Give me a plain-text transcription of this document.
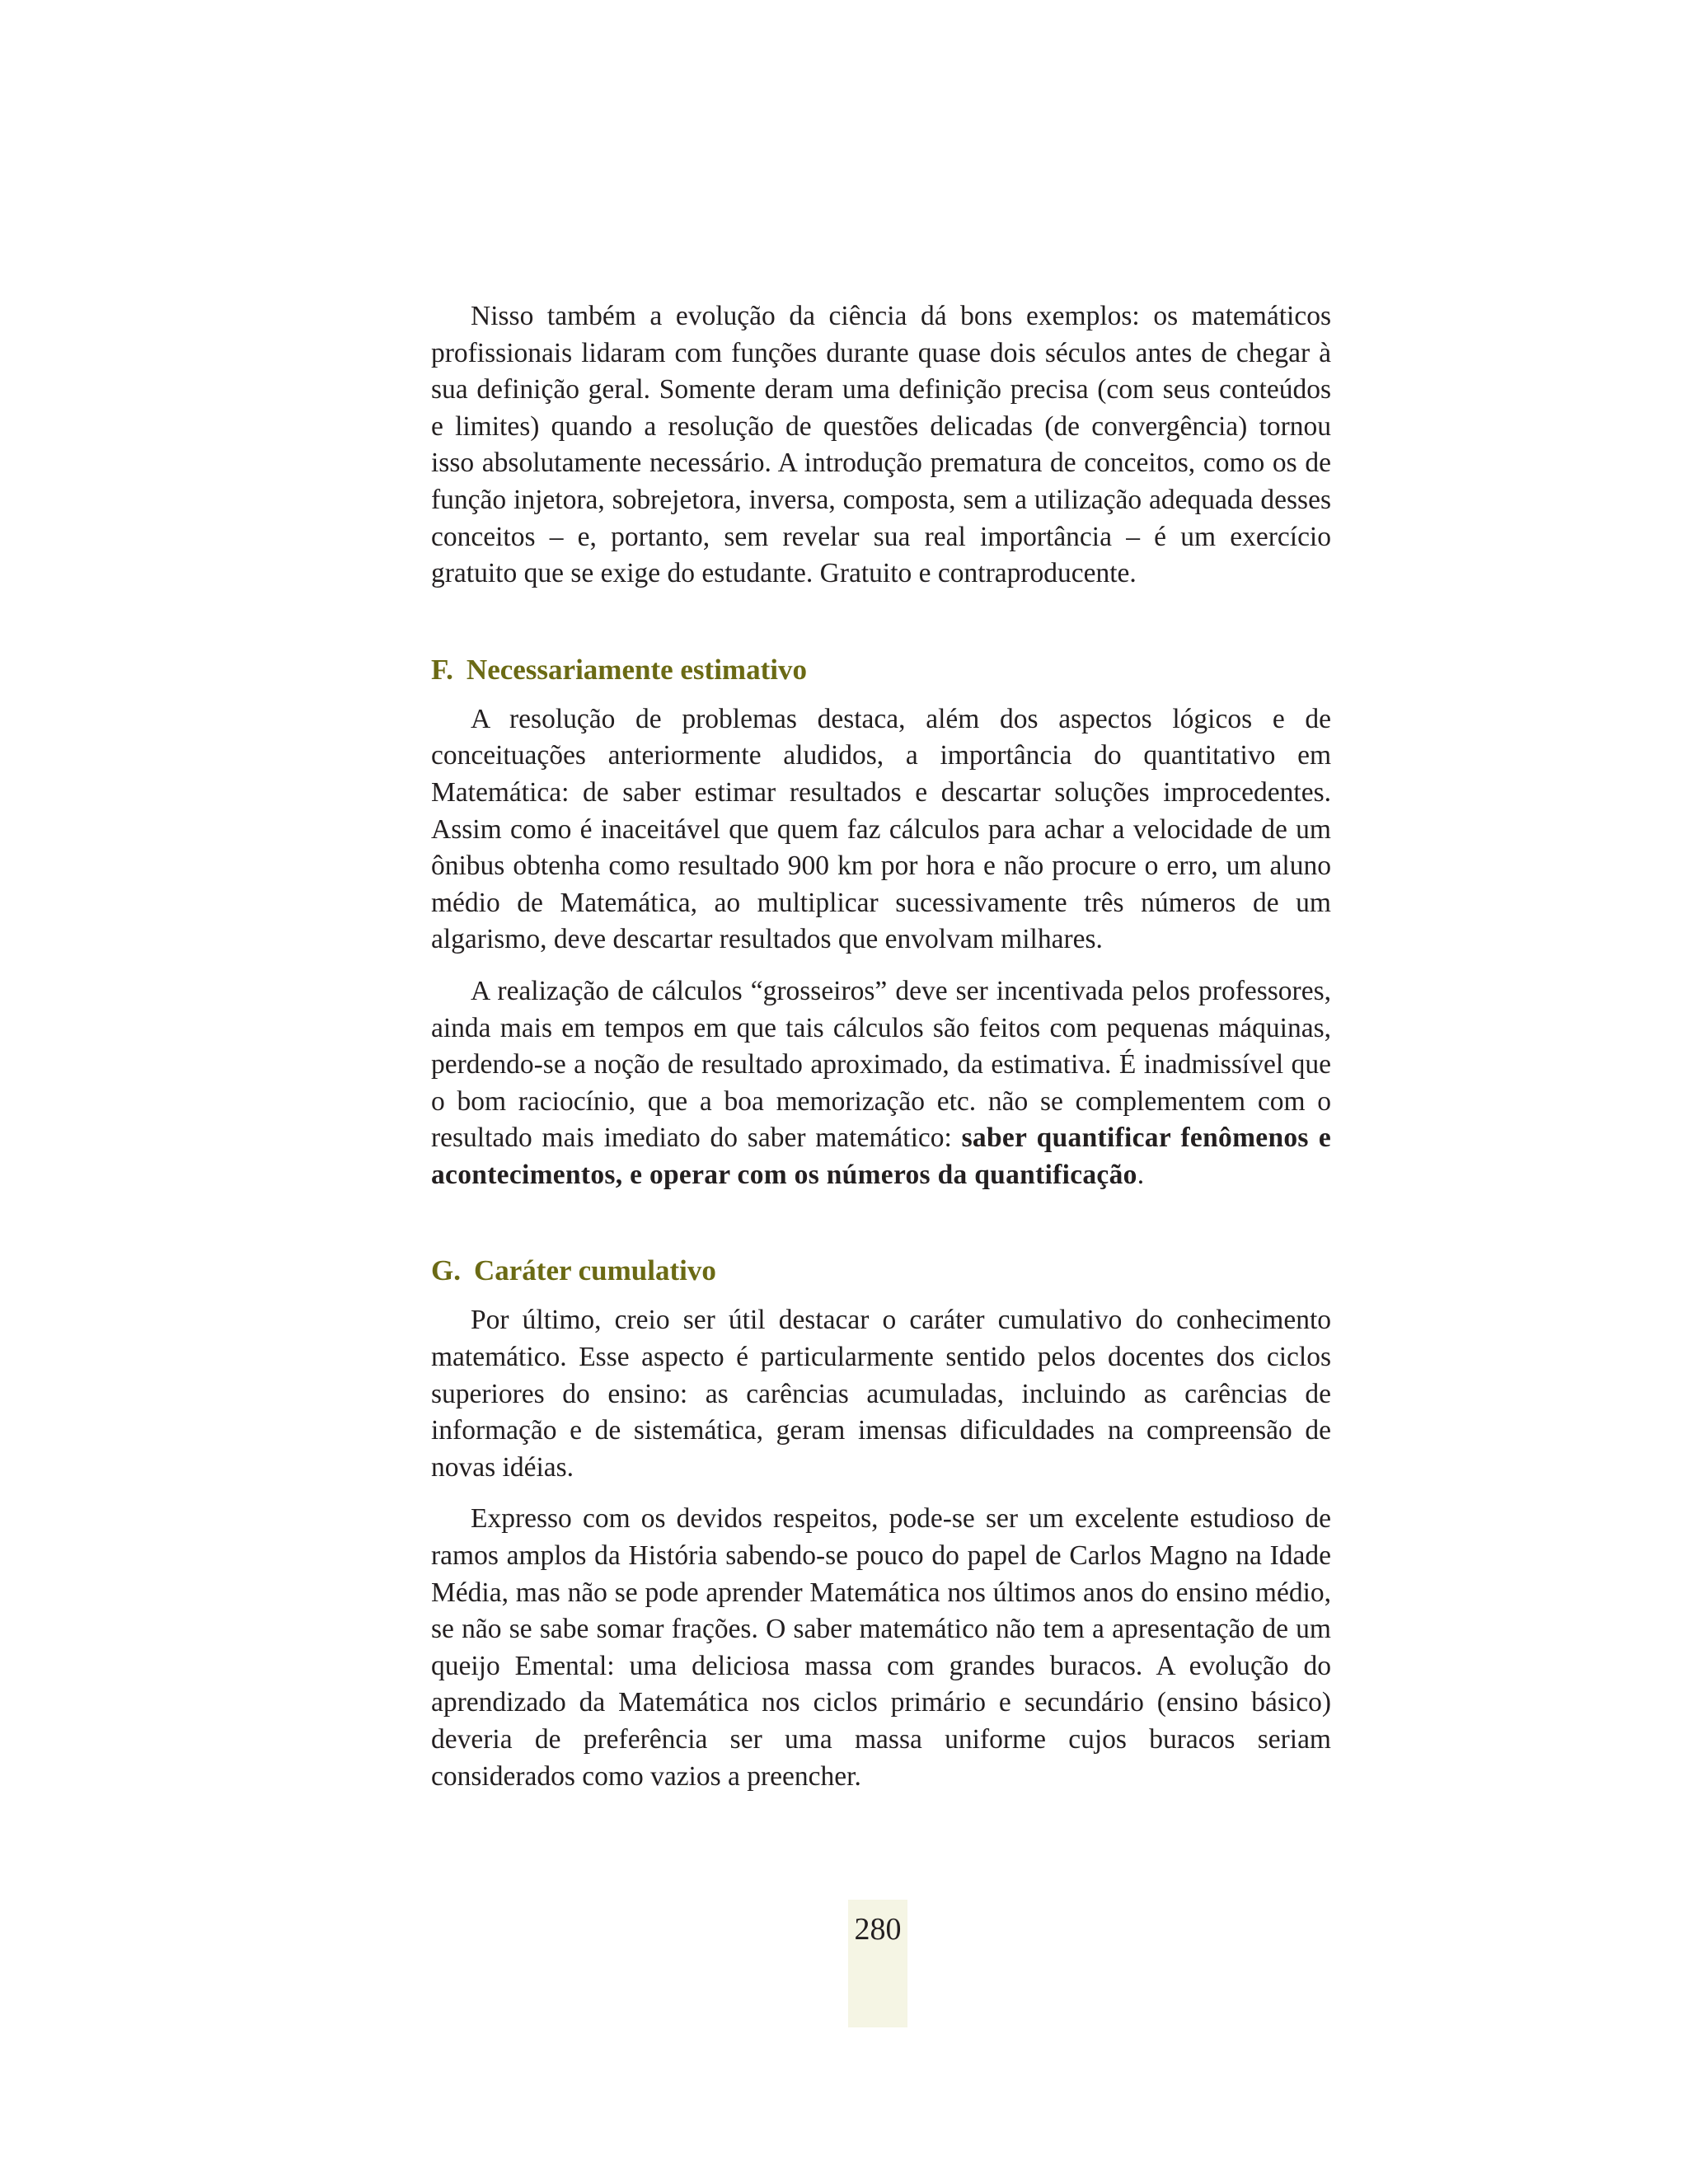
Nisso também a evolução da ciência dá bons exemplos: os matemáticos profissionais lidaram com funções durante quase dois séculos antes de chegar à sua definição geral. Somente deram uma definição precisa (com seus conteúdos e limites) quando a resolução de questões delicadas (de convergência) tornou isso absolutamente necessário. A introdução prematura de conceitos, como os de função injetora, sobrejetora, inversa, composta, sem a utilização adequada desses conceitos – e, portanto, sem revelar sua real importância – é um exercício gratuito que se exige do estudante. Gratuito e contraproducente.

F. Necessariamente estimativo

A resolução de problemas destaca, além dos aspectos lógicos e de conceituações anteriormente aludidos, a importância do quantitativo em Matemática: de saber estimar resultados e descartar soluções improcedentes. Assim como é inaceitável que quem faz cálculos para achar a velocidade de um ônibus obtenha como resultado 900 km por hora e não procure o erro, um aluno médio de Matemática, ao multiplicar sucessivamente três números de um algarismo, deve descartar resultados que envolvam milhares.

A realização de cálculos “grosseiros” deve ser incentivada pelos professores, ainda mais em tempos em que tais cálculos são feitos com pequenas máquinas, perdendo-se a noção de resultado aproximado, da estimativa. É inadmissível que o bom raciocínio, que a boa memorização etc. não se complementem com o resultado mais imediato do saber matemático: saber quantificar fenômenos e acontecimentos, e operar com os números da quantificação.

G. Caráter cumulativo

Por último, creio ser útil destacar o caráter cumulativo do conhecimento matemático. Esse aspecto é particularmente sentido pelos docentes dos ciclos superiores do ensino: as carências acumuladas, incluindo as carências de informação e de sistemática, geram imensas dificuldades na compreensão de novas idéias.

Expresso com os devidos respeitos, pode-se ser um excelente estudioso de ramos amplos da História sabendo-se pouco do papel de Carlos Magno na Idade Média, mas não se pode aprender Matemática nos últimos anos do ensino médio, se não se sabe somar frações. O saber matemático não tem a apresentação de um queijo Emental: uma deliciosa massa com grandes buracos. A evolução do aprendizado da Matemática nos ciclos primário e secundário (ensino básico) deveria de preferência ser uma massa uniforme cujos buracos seriam considerados como vazios a preencher.

280
